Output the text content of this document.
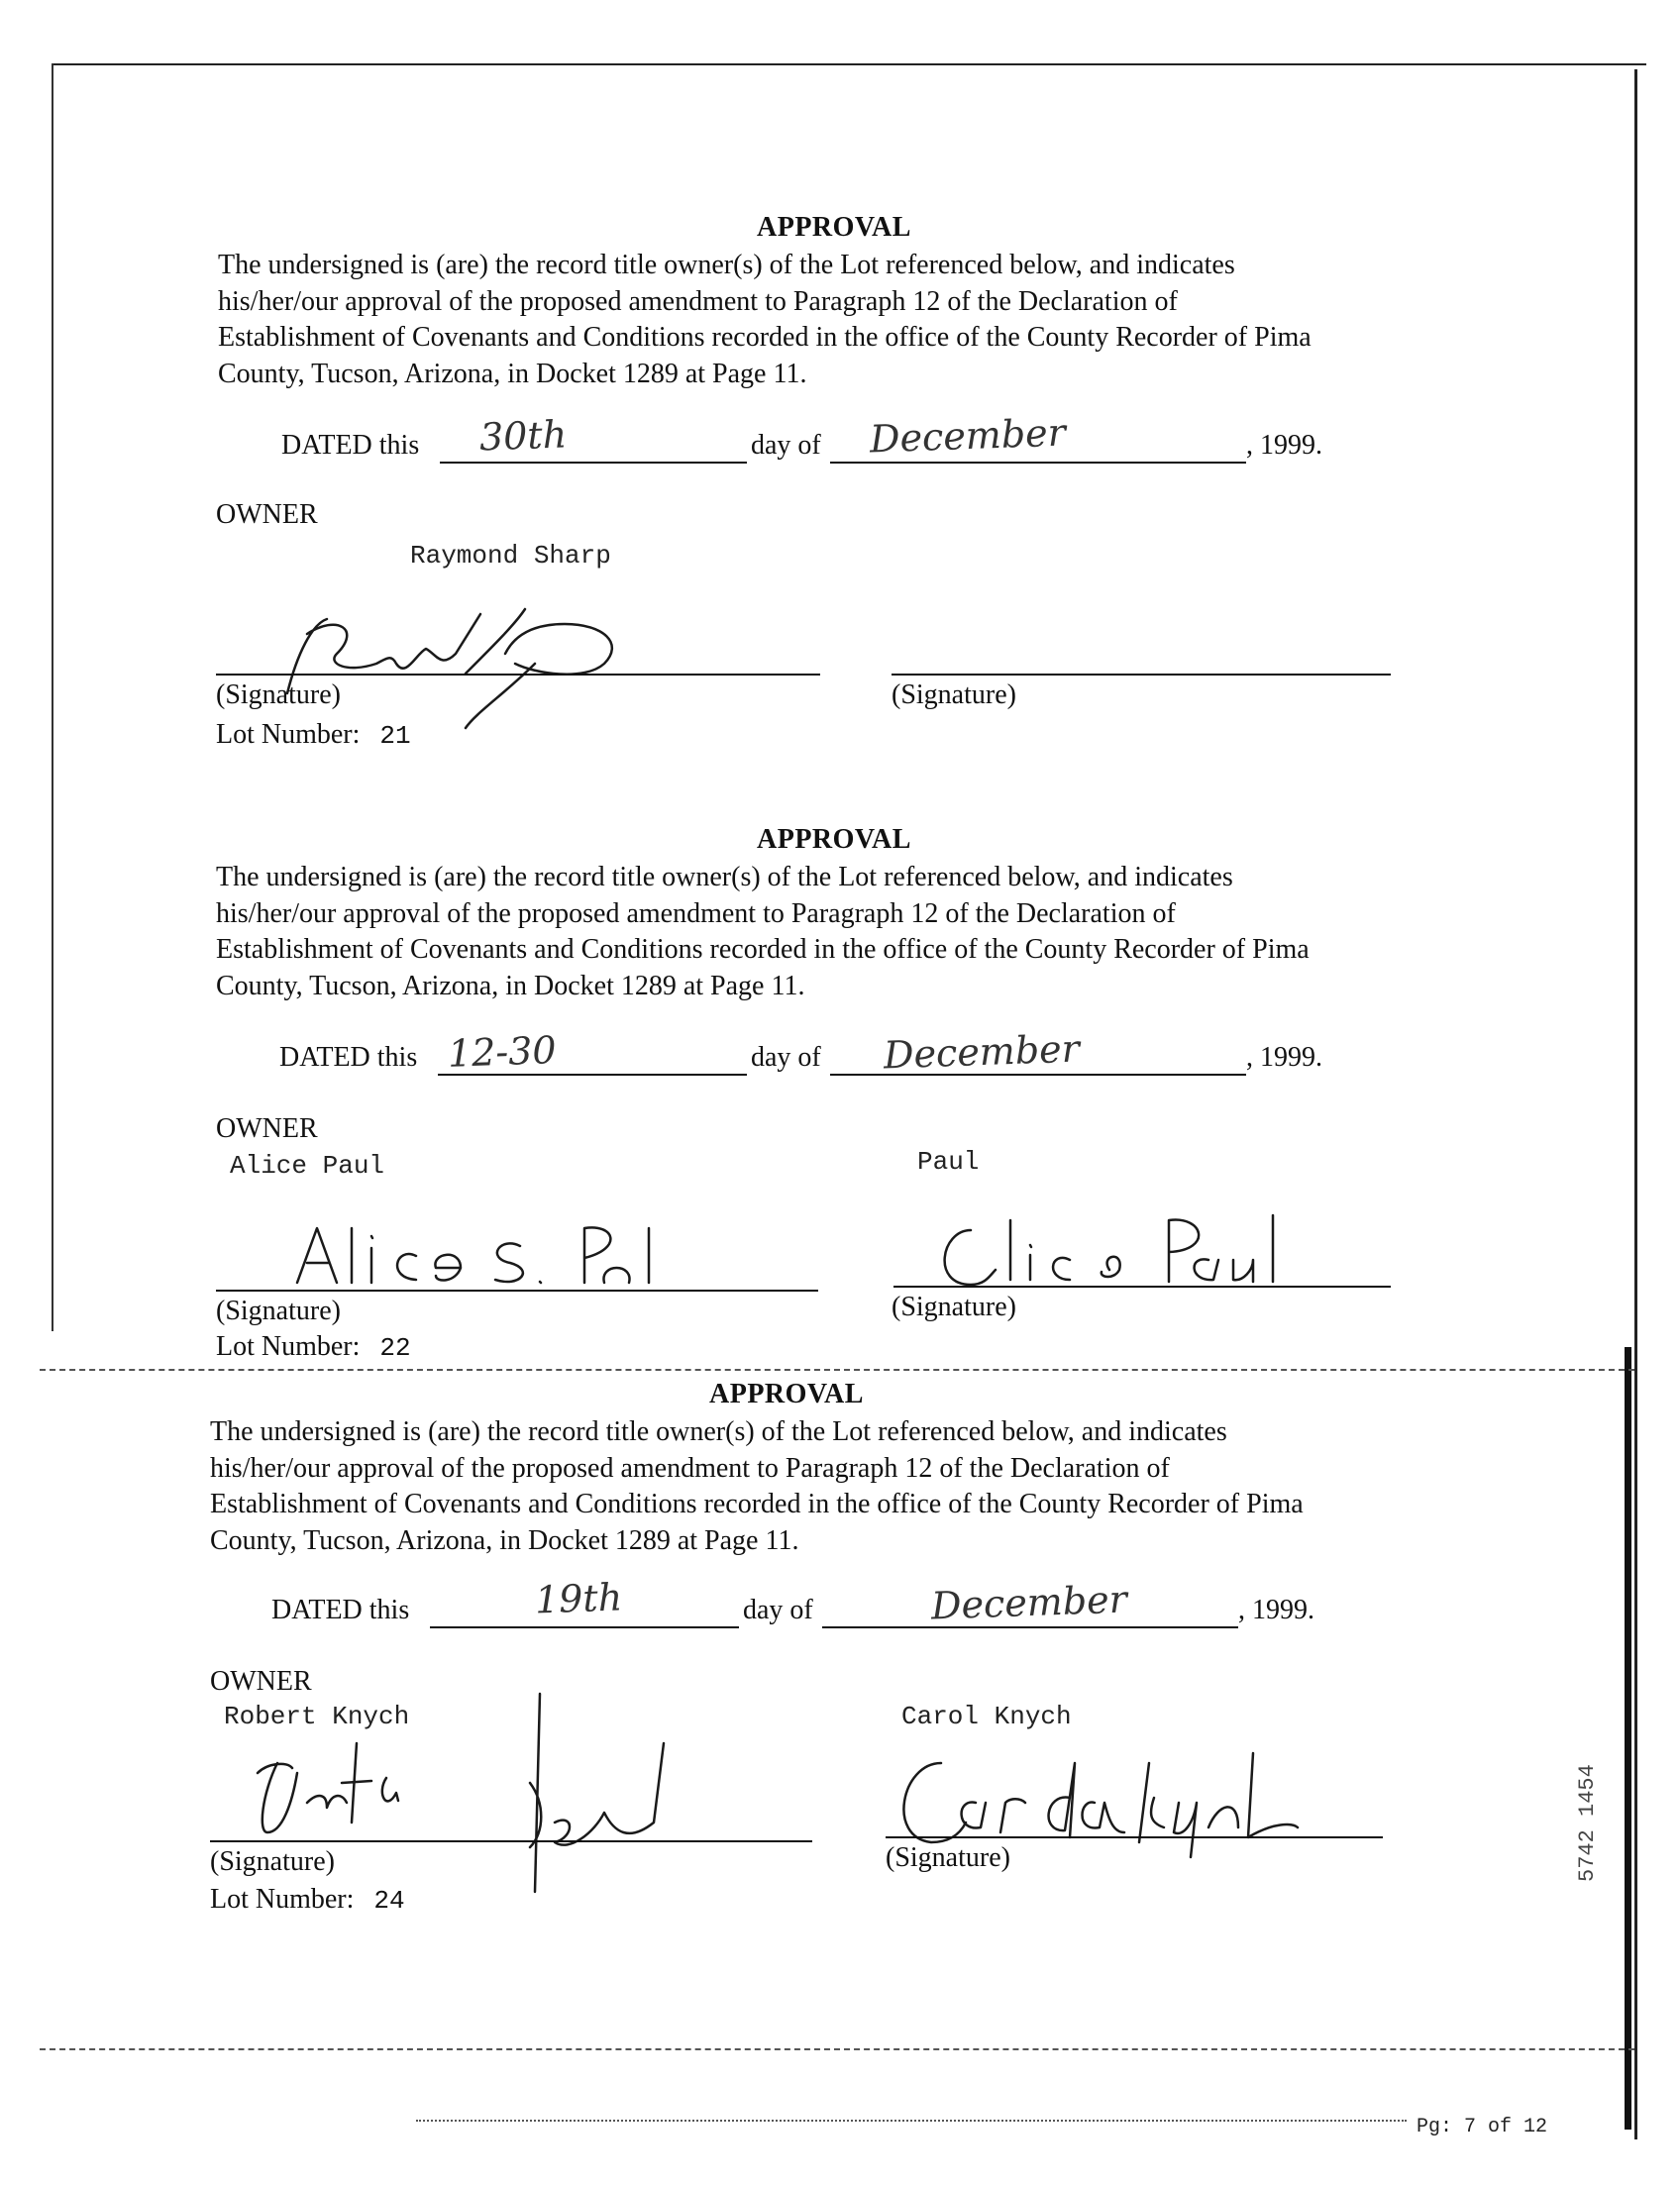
APPROVAL
The undersigned is (are) the record title owner(s) of the Lot referenced below, and indicates
his/her/our approval of the proposed amendment to Paragraph 12 of the Declaration of
Establishment of Covenants and Conditions recorded in the office of the County Recorder of Pima
County, Tucson, Arizona, in Docket 1289 at Page 11.
DATED this 30th	day of December	, 1999.
OWNER
Raymond Sharp
(Signature)	(Signature)
Lot Number: 21
APPROVAL
The undersigned is (are) the record title owner(s) of the Lot referenced below, and indicates
his/her/our approval of the proposed amendment to Paragraph 12 of the Declaration of
Establishment of Covenants and Conditions recorded in the office of the County Recorder of Pima
County, Tucson, Arizona, in Docket 1289 at Page 11.
DATED this 12-30	day of December	, 1999.
OWNER
Alice Paul	Paul
(Signature)	(Signature)
Lot Number: 22
APPROVAL
The undersigned is (are) the record title owner(s) of the Lot referenced below, and indicates
his/her/our approval of the proposed amendment to Paragraph 12 of the Declaration of
Establishment of Covenants and Conditions recorded in the office of the County Recorder of Pima
County, Tucson, Arizona, in Docket 1289 at Page 11.
DATED this	19th	day of	December	, 1999.
OWNER
Robert Knych	Carol Knych
(Signature)	(Signature)
Lot Number: 24
5742 1454
Pg: 7 of 12
